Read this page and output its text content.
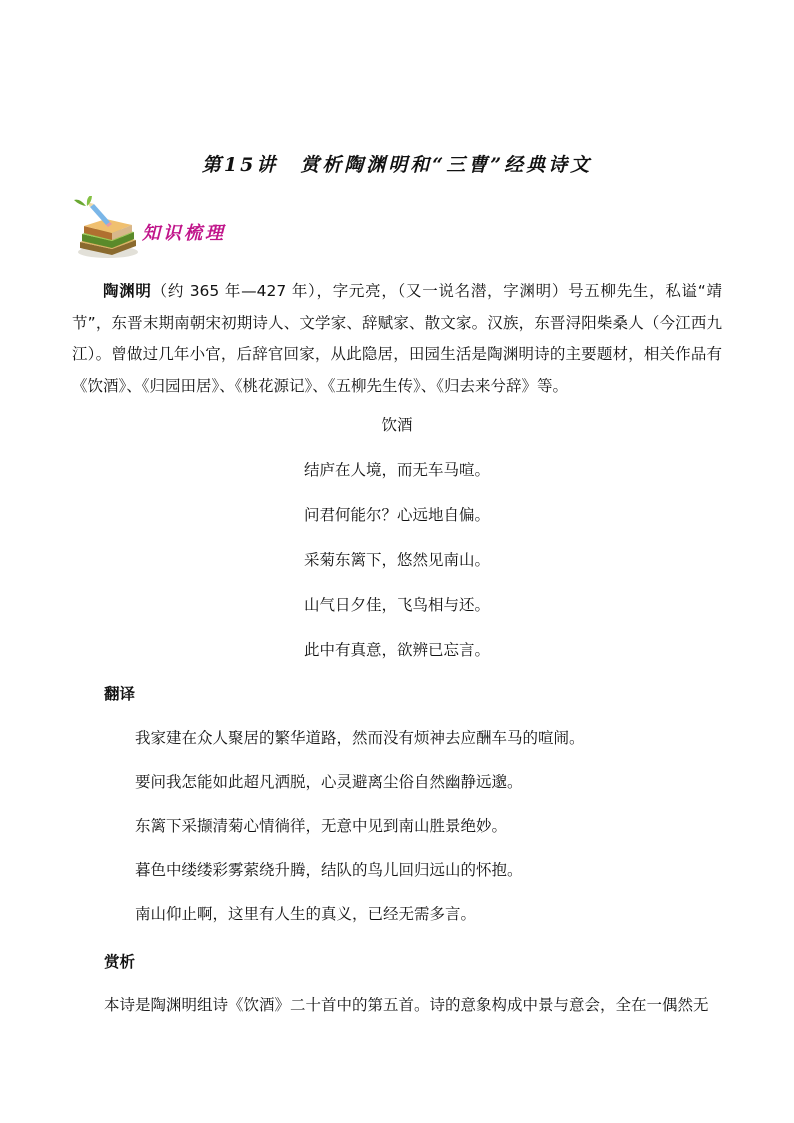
第15讲　赏析陶渊明和“三曹”经典诗文
知识梳理
陶渊明（约 365 年—427 年），字元亮，（又一说名潜，字渊明）号五柳先生，私谥“靖节”，东晋末期南朝宋初期诗人、文学家、辞赋家、散文家。汉族，东晋浔阳柴桑人（今江西九江）。曾做过几年小官，后辞官回家，从此隐居，田园生活是陶渊明诗的主要题材，相关作品有《饮酒》、《归园田居》、《桃花源记》、《五柳先生传》、《归去来兮辞》等。
饮酒
结庐在人境，而无车马喧。
问君何能尔？心远地自偏。
采菊东篱下，悠然见南山。
山气日夕佳，飞鸟相与还。
此中有真意，欲辨已忘言。
翻译
我家建在众人聚居的繁华道路，然而没有烦神去应酬车马的喧闹。
要问我怎能如此超凡洒脱，心灵避离尘俗自然幽静远邈。
东篱下采撷清菊心情徜徉，无意中见到南山胜景绝妙。
暮色中缕缕彩雾萦绕升腾，结队的鸟儿回归远山的怀抱。
南山仰止啊，这里有人生的真义，已经无需多言。
赏析
本诗是陶渊明组诗《饮酒》二十首中的第五首。诗的意象构成中景与意会，全在一偶然无
